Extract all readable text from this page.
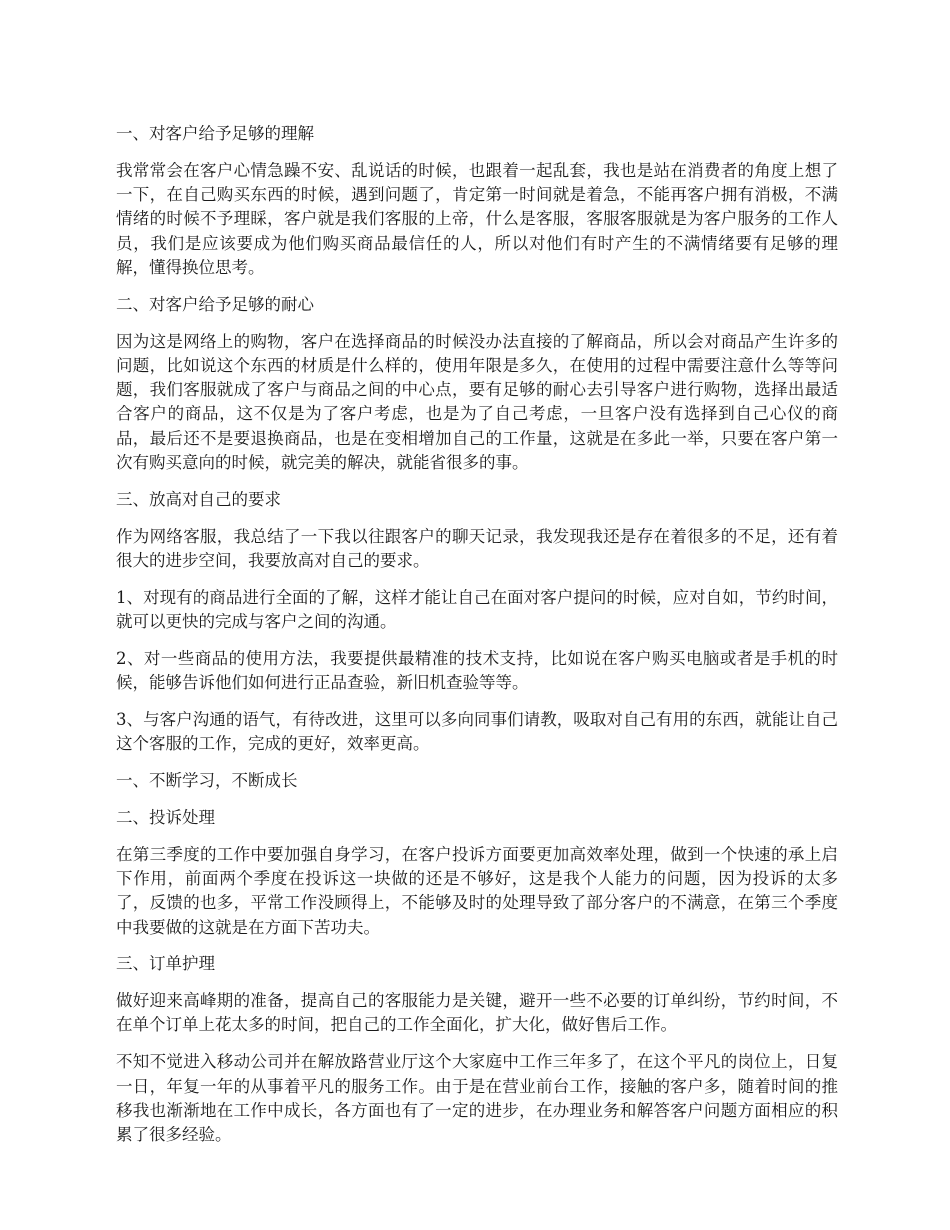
一、对客户给予足够的理解

我常常会在客户心情急躁不安、乱说话的时候，也跟着一起乱套，我也是站在消费者的角度上想了一下，在自己购买东西的时候，遇到问题了，肯定第一时间就是着急，不能再客户拥有消极，不满情绪的时候不予理睬，客户就是我们客服的上帝，什么是客服，客服客服就是为客户服务的工作人员，我们是应该要成为他们购买商品最信任的人，所以对他们有时产生的不满情绪要有足够的理解，懂得换位思考。

二、对客户给予足够的耐心

因为这是网络上的购物，客户在选择商品的时候没办法直接的了解商品，所以会对商品产生许多的问题，比如说这个东西的材质是什么样的，使用年限是多久，在使用的过程中需要注意什么等等问题，我们客服就成了客户与商品之间的中心点，要有足够的耐心去引导客户进行购物，选择出最适合客户的商品，这不仅是为了客户考虑，也是为了自己考虑，一旦客户没有选择到自己心仪的商品，最后还不是要退换商品，也是在变相增加自己的工作量，这就是在多此一举，只要在客户第一次有购买意向的时候，就完美的解决，就能省很多的事。

三、放高对自己的要求

作为网络客服，我总结了一下我以往跟客户的聊天记录，我发现我还是存在着很多的不足，还有着很大的进步空间，我要放高对自己的要求。

1、对现有的商品进行全面的了解，这样才能让自己在面对客户提问的时候，应对自如，节约时间，就可以更快的完成与客户之间的沟通。

2、对一些商品的使用方法，我要提供最精准的技术支持，比如说在客户购买电脑或者是手机的时候，能够告诉他们如何进行正品查验，新旧机查验等等。

3、与客户沟通的语气，有待改进，这里可以多向同事们请教，吸取对自己有用的东西，就能让自己这个客服的工作，完成的更好，效率更高。

一、不断学习，不断成长

二、投诉处理

在第三季度的工作中要加强自身学习，在客户投诉方面要更加高效率处理，做到一个快速的承上启下作用，前面两个季度在投诉这一块做的还是不够好，这是我个人能力的问题，因为投诉的太多了，反馈的也多，平常工作没顾得上，不能够及时的处理导致了部分客户的不满意，在第三个季度中我要做的这就是在方面下苦功夫。

三、订单护理

做好迎来高峰期的准备，提高自己的客服能力是关键，避开一些不必要的订单纠纷，节约时间，不在单个订单上花太多的时间，把自己的工作全面化，扩大化，做好售后工作。

不知不觉进入移动公司并在解放路营业厅这个大家庭中工作三年多了，在这个平凡的岗位上，日复一日，年复一年的从事着平凡的服务工作。由于是在营业前台工作，接触的客户多，随着时间的推移我也渐渐地在工作中成长，各方面也有了一定的进步，在办理业务和解答客户问题方面相应的积累了很多经验。
